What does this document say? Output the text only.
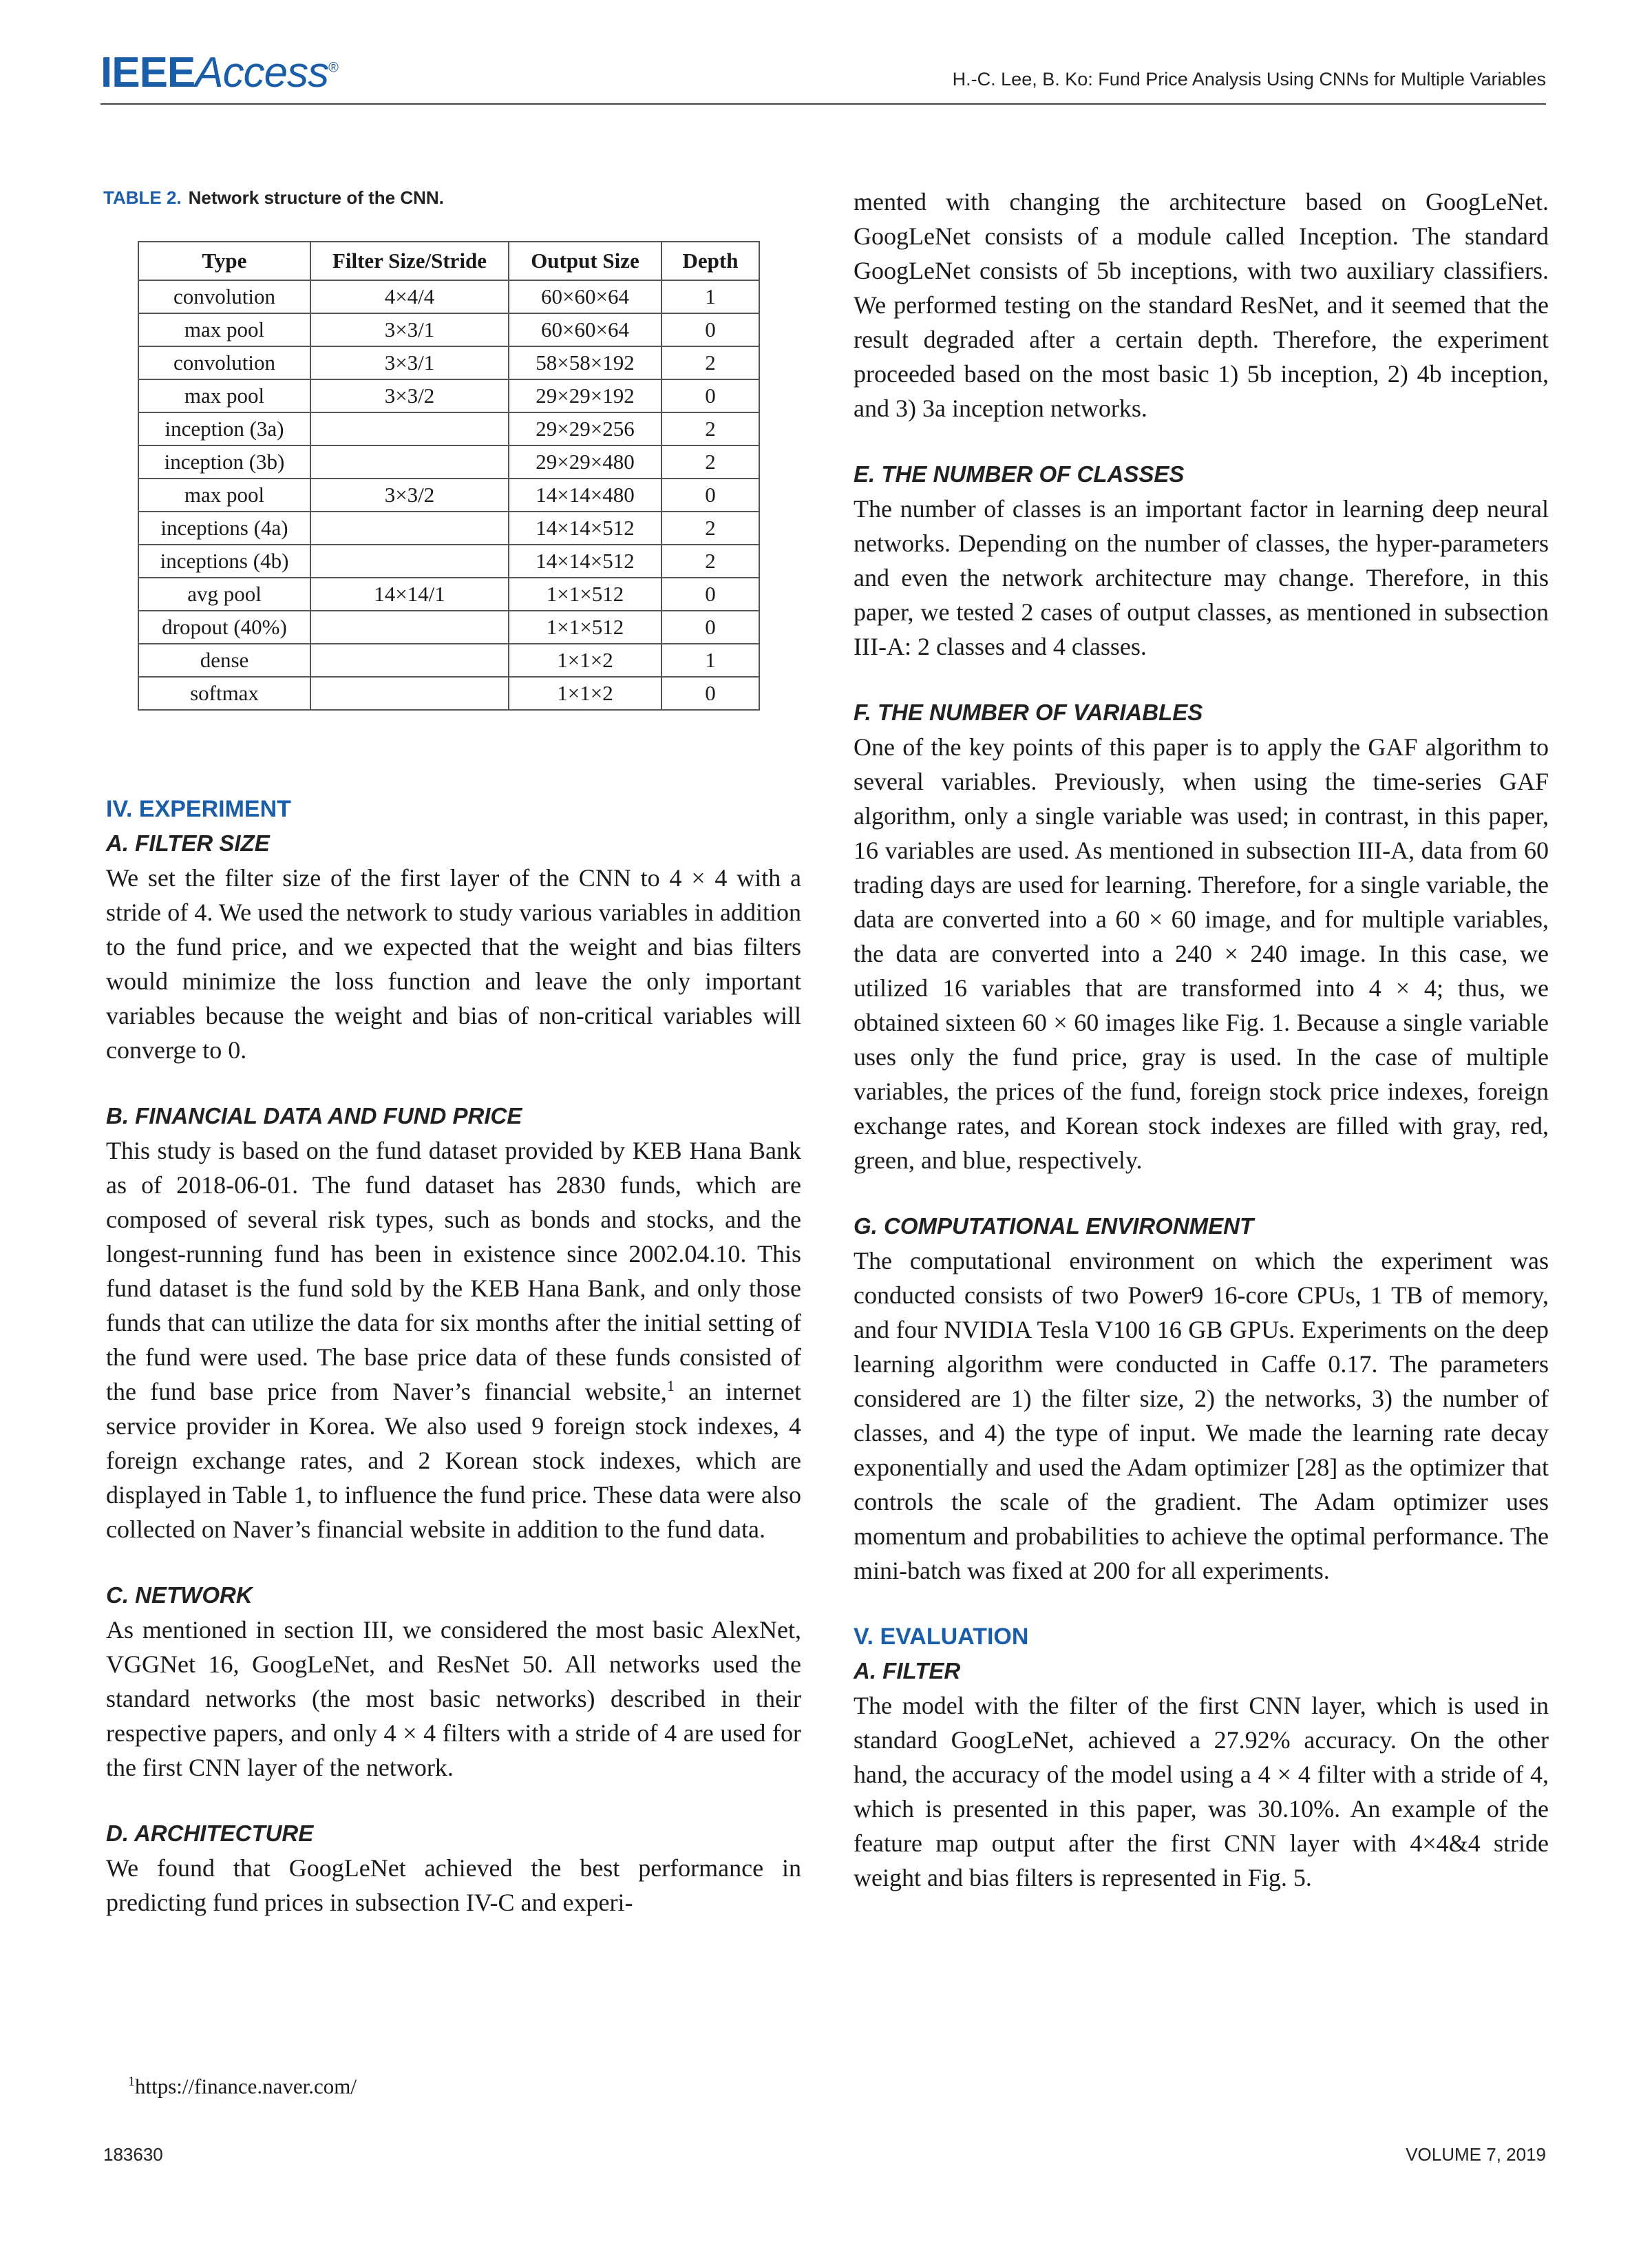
IEEEAccess®
H.-C. Lee, B. Ko: Fund Price Analysis Using CNNs for Multiple Variables
TABLE 2. Network structure of the CNN.
Type	Filter Size/Stride	Output Size	Depth
convolution	4×4/4	60×60×64	1
max pool	3×3/1	60×60×64	0
convolution	3×3/1	58×58×192	2
max pool	3×3/2	29×29×192	0
inception (3a)		29×29×256	2
inception (3b)		29×29×480	2
max pool	3×3/2	14×14×480	0
inceptions (4a)		14×14×512	2
inceptions (4b)		14×14×512	2
avg pool	14×14/1	1×1×512	0
dropout (40%)		1×1×512	0
dense		1×1×2	1
softmax		1×1×2	0
IV. EXPERIMENT
A. FILTER SIZE

We set the filter size of the first layer of the CNN to 4 × 4 with a stride of 4. We used the network to study various variables in addition to the fund price, and we expected that the weight and bias filters would minimize the loss function and leave the only important variables because the weight and bias of non-critical variables will converge to 0.

B. FINANCIAL DATA AND FUND PRICE

This study is based on the fund dataset provided by KEB Hana Bank as of 2018-06-01. The fund dataset has 2830 funds, which are composed of several risk types, such as bonds and stocks, and the longest-running fund has been in existence since 2002.04.10. This fund dataset is the fund sold by the KEB Hana Bank, and only those funds that can utilize the data for six months after the initial setting of the fund were used. The base price data of these funds consisted of the fund base price from Naver’s financial website,$^1$ an internet service provider in Korea. We also used 9 foreign stock indexes, 4 foreign exchange rates, and 2 Korean stock indexes, which are displayed in Table 1, to influence the fund price. These data were also collected on Naver’s financial website in addition to the fund data.

C. NETWORK

As mentioned in section III, we considered the most basic AlexNet, VGGNet 16, GoogLeNet, and ResNet 50. All networks used the standard networks (the most basic networks) described in their respective papers, and only 4 × 4 filters with a stride of 4 are used for the first CNN layer of the network.

D. ARCHITECTURE

We found that GoogLeNet achieved the best performance in predicting fund prices in subsection IV-C and experi-

mented with changing the architecture based on GoogLeNet. GoogLeNet consists of a module called Inception. The standard GoogLeNet consists of 5b inceptions, with two auxiliary classifiers. We performed testing on the standard ResNet, and it seemed that the result degraded after a certain depth. Therefore, the experiment proceeded based on the most basic 1) 5b inception, 2) 4b inception, and 3) 3a inception networks.

E. THE NUMBER OF CLASSES

The number of classes is an important factor in learning deep neural networks. Depending on the number of classes, the hyper-parameters and even the network architecture may change. Therefore, in this paper, we tested 2 cases of output classes, as mentioned in subsection III-A: 2 classes and 4 classes.

F. THE NUMBER OF VARIABLES

One of the key points of this paper is to apply the GAF algorithm to several variables. Previously, when using the time-series GAF algorithm, only a single variable was used; in contrast, in this paper, 16 variables are used. As mentioned in subsection III-A, data from 60 trading days are used for learning. Therefore, for a single variable, the data are converted into a 60 × 60 image, and for multiple variables, the data are converted into a 240 × 240 image. In this case, we utilized 16 variables that are transformed into 4 × 4; thus, we obtained sixteen 60 × 60 images like Fig. 1. Because a single variable uses only the fund price, gray is used. In the case of multiple variables, the prices of the fund, foreign stock price indexes, foreign exchange rates, and Korean stock indexes are filled with gray, red, green, and blue, respectively.

G. COMPUTATIONAL ENVIRONMENT

The computational environment on which the experiment was conducted consists of two Power9 16-core CPUs, 1 TB of memory, and four NVIDIA Tesla V100 16 GB GPUs. Experiments on the deep learning algorithm were conducted in Caffe 0.17. The parameters considered are 1) the filter size, 2) the networks, 3) the number of classes, and 4) the type of input. We made the learning rate decay exponentially and used the Adam optimizer [28] as the optimizer that controls the scale of the gradient. The Adam optimizer uses momentum and probabilities to achieve the optimal performance. The mini-batch was fixed at 200 for all experiments.

V. EVALUATION
A. FILTER

The model with the filter of the first CNN layer, which is used in standard GoogLeNet, achieved a 27.92% accuracy. On the other hand, the accuracy of the model using a 4 × 4 filter with a stride of 4, which is presented in this paper, was 30.10%. An example of the feature map output after the first CNN layer with 4×4&4 stride weight and bias filters is represented in Fig. 5.

$^1$https://finance.naver.com/
183630	VOLUME 7, 2019
